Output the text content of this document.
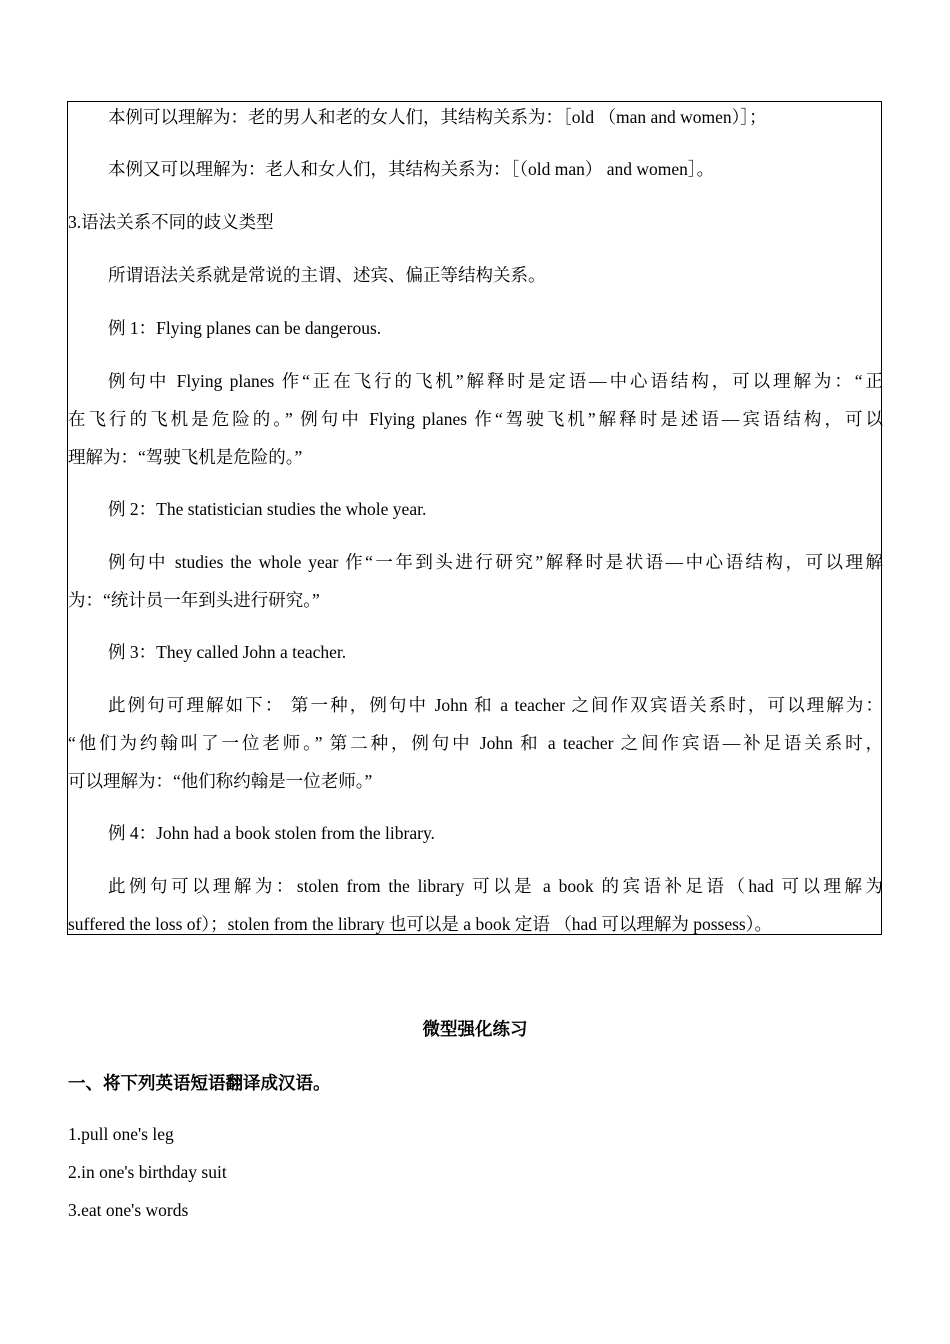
本例可以理解为：老的男人和老的女人们，其结构关系为：［old （man and women）］；
本例又可以理解为：老人和女人们，其结构关系为：［（old man） and women］。
3.语法关系不同的歧义类型
所谓语法关系就是常说的主谓、述宾、偏正等结构关系。
例 1：Flying planes can be dangerous.
例句中 Flying planes 作“正在飞行的飞机”解释时是定语—中心语结构，可以理解为：“正
在飞行的飞机是危险的。” 例句中 Flying planes 作“驾驶飞机”解释时是述语—宾语结构，可以
理解为：“驾驶飞机是危险的。”
例 2：The statistician studies the whole year.
例句中 studies the whole year 作“一年到头进行研究”解释时是状语—中心语结构，可以理解
为：“统计员一年到头进行研究。”
例 3：They called John a teacher.
此例句可理解如下： 第一种，例句中 John 和 a teacher 之间作双宾语关系时，可以理解为：
“他们为约翰叫了一位老师。” 第二种，例句中 John 和 a teacher 之间作宾语—补足语关系时，
可以理解为：“他们称约翰是一位老师。”
例 4：John had a book stolen from the library.
此例句可以理解为：stolen from the library 可以是 a book 的宾语补足语（had 可以理解为
suffered the loss of）；stolen from the library 也可以是 a book 定语 （had 可以理解为 possess）。
微型强化练习
一、将下列英语短语翻译成汉语。
1.pull one's leg
2.in one's birthday suit
3.eat one's words
